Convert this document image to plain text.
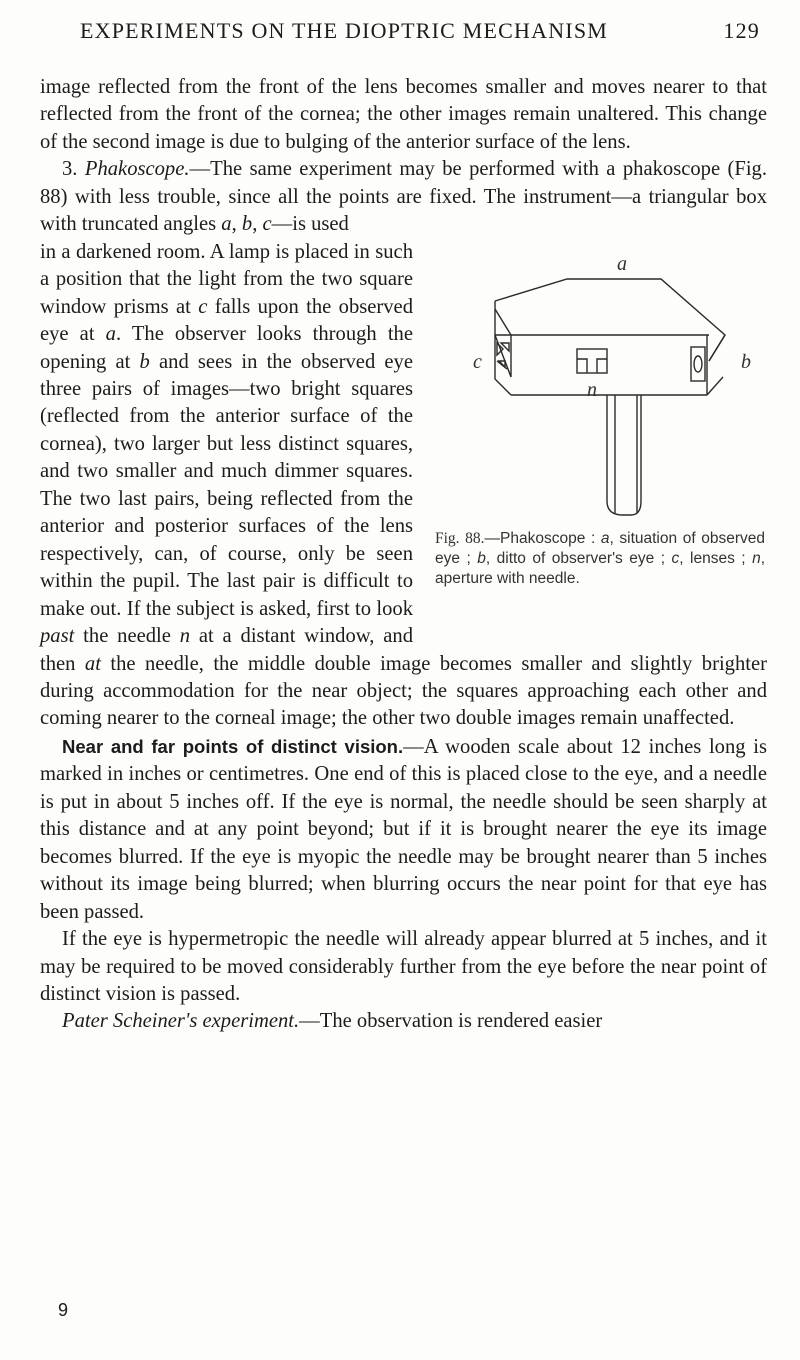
EXPERIMENTS ON THE DIOPTRIC MECHANISM	129

image reflected from the front of the lens becomes smaller and moves nearer to that reflected from the front of the cornea; the other images remain unaltered. This change of the second image is due to bulging of the anterior surface of the lens.

3. Phakoscope.—The same experiment may be performed with a phakoscope (Fig. 88) with less trouble, since all the points are fixed. The instrument—a triangular box with truncated angles a, b, c—is used

a
c	b
n
Fig. 88.—Phakoscope : a, situation of observed eye ; b, ditto of observer's eye ; c, lenses ; n, aperture with needle.

in a darkened room. A lamp is placed in such a position that the light from the two square window prisms at c falls upon the observed eye at a. The observer looks through the opening at b and sees in the observed eye three pairs of images—two bright squares (reflected from the anterior surface of the cornea), two larger but less distinct squares, and two smaller and much dimmer squares. The two last pairs, being reflected from the anterior and posterior surfaces of the lens respectively, can, of course, only be seen within the pupil. The last pair is difficult to make out. If the subject is asked, first to look past the needle n at a distant window, and then at the needle, the middle double image becomes smaller and slightly brighter during accommodation for the near object; the squares approaching each other and coming nearer to the corneal image; the other two double images remain unaffected.

Near and far points of distinct vision.—A wooden scale about 12 inches long is marked in inches or centimetres. One end of this is placed close to the eye, and a needle is put in about 5 inches off. If the eye is normal, the needle should be seen sharply at this distance and at any point beyond; but if it is brought nearer the eye its image becomes blurred. If the eye is myopic the needle may be brought nearer than 5 inches without its image being blurred; when blurring occurs the near point for that eye has been passed.

If the eye is hypermetropic the needle will already appear blurred at 5 inches, and it may be required to be moved considerably further from the eye before the near point of distinct vision is passed.

Pater Scheiner's experiment.—The observation is rendered easier

9
